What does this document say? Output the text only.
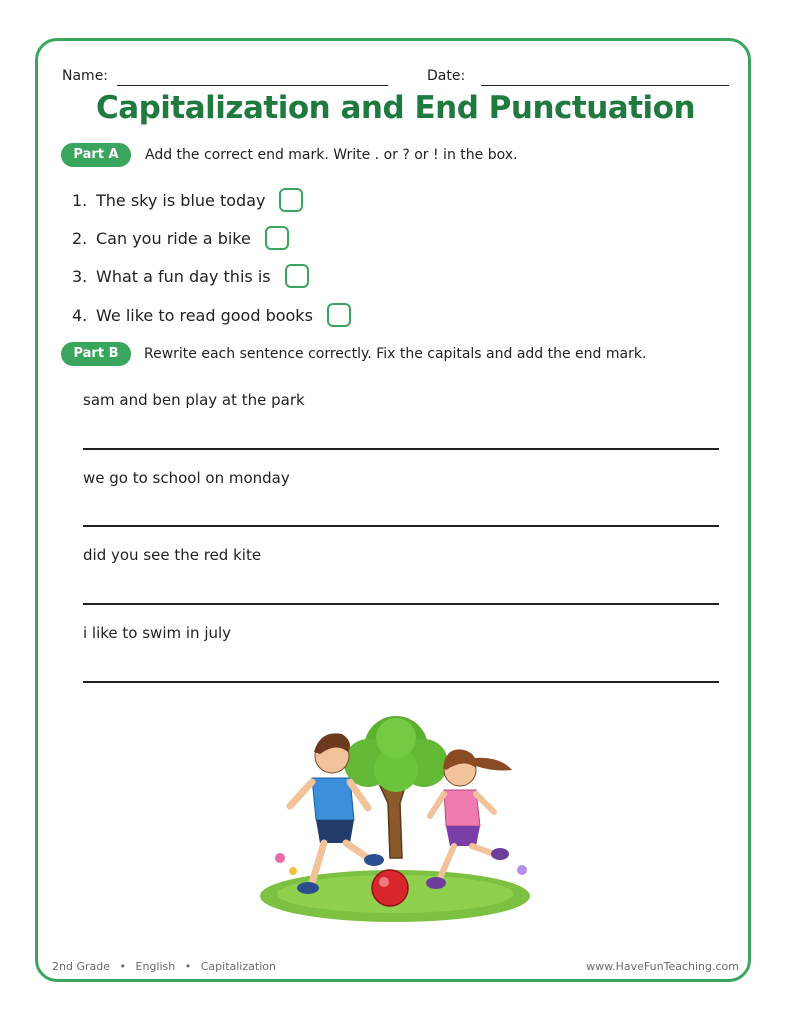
Name:	Date:
Capitalization and End Punctuation
Part A	Add the correct end mark. Write . or ? or ! in the box.
1. The sky is blue today
2. Can you ride a bike
3. What a fun day this is
4. We like to read good books
Part B	Rewrite each sentence correctly. Fix the capitals and add the end mark.
sam and ben play at the park
we go to school on monday
did you see the red kite
i like to swim in july
2nd Grade • English • Capitalization	www.HaveFunTeaching.com
